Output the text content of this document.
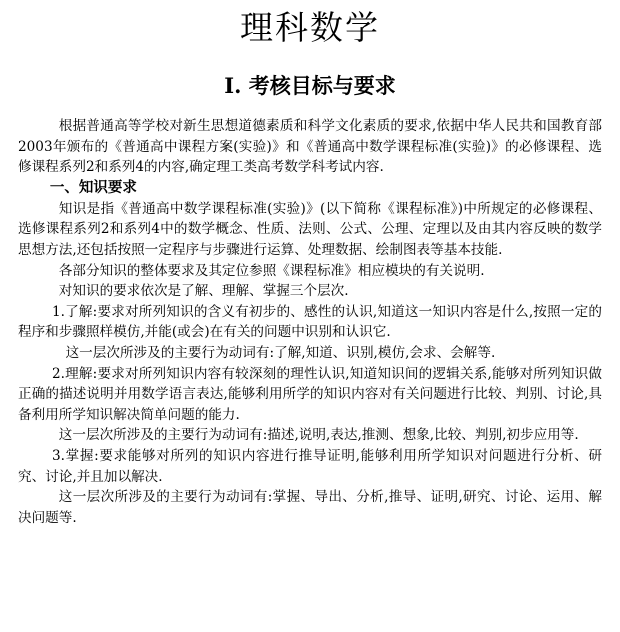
理科数学
Ⅰ. 考核目标与要求

根据普通高等学校对新生思想道德素质和科学文化素质的要求,依据中华人民共和国教育部2003年颁布的《普通高中课程方案(实验)》和《普通高中数学课程标准(实验)》的必修课程、选修课程系列2和系列4的内容,确定理工类高考数学科考试内容.

一、知识要求

知识是指《普通高中数学课程标准(实验)》(以下简称《课程标准》)中所规定的必修课程、选修课程系列2和系列4中的数学概念、性质、法则、公式、公理、定理以及由其内容反映的数学思想方法,还包括按照一定程序与步骤进行运算、处理数据、绘制图表等基本技能.

各部分知识的整体要求及其定位参照《课程标准》相应模块的有关说明.

对知识的要求依次是了解、理解、掌握三个层次.

1.了解:要求对所列知识的含义有初步的、感性的认识,知道这一知识内容是什么,按照一定的程序和步骤照样模仿,并能(或会)在有关的问题中识别和认识它.

这一层次所涉及的主要行为动词有:了解,知道、识别,模仿,会求、会解等.

2.理解:要求对所列知识内容有较深刻的理性认识,知道知识间的逻辑关系,能够对所列知识做正确的描述说明并用数学语言表达,能够利用所学的知识内容对有关问题进行比较、判别、讨论,具备利用所学知识解决简单问题的能力.

这一层次所涉及的主要行为动词有:描述,说明,表达,推测、想象,比较、判别,初步应用等.

3.掌握:要求能够对所列的知识内容进行推导证明,能够利用所学知识对问题进行分析、研究、讨论,并且加以解决.

这一层次所涉及的主要行为动词有:掌握、导出、分析,推导、证明,研究、讨论、运用、解决问题等.
